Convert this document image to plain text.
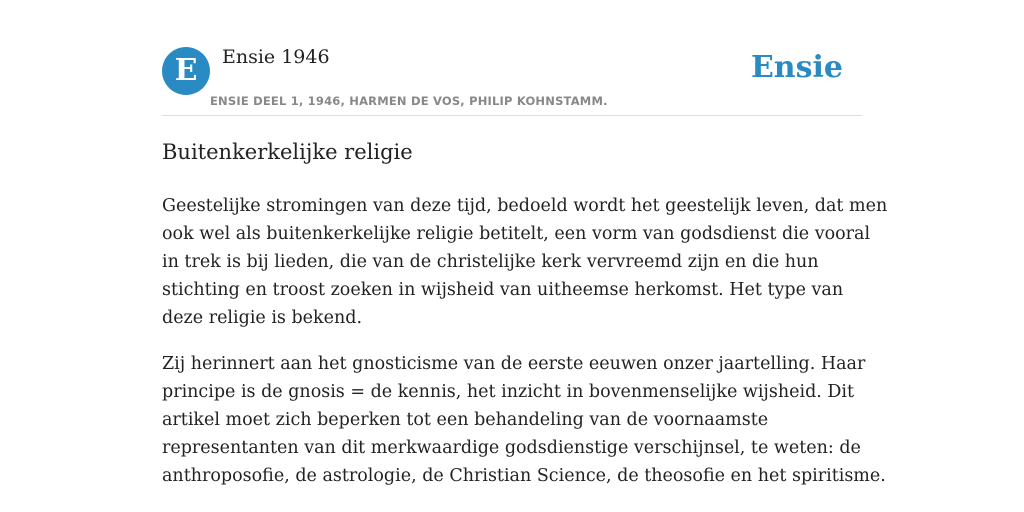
E	Ensie 1946
ENSIE DEEL 1, 1946, HARMEN DE VOS, PHILIP KOHNSTAMM.
Ensie
Buitenkerkelijke religie

Geestelijke stromingen van deze tijd, bedoeld wordt het geestelijk leven, dat men
ook wel als buitenkerkelijke religie betitelt, een vorm van godsdienst die vooral
in trek is bij lieden, die van de christelijke kerk vervreemd zijn en die hun
stichting en troost zoeken in wijsheid van uitheemse herkomst. Het type van
deze religie is bekend.

Zij herinnert aan het gnosticisme van de eerste eeuwen onzer jaartelling. Haar
principe is de gnosis = de kennis, het inzicht in bovenmenselijke wijsheid. Dit
artikel moet zich beperken tot een behandeling van de voornaamste
representanten van dit merkwaardige godsdienstige verschijnsel, te weten: de
anthroposofie, de astrologie, de Christian Science, de theosofie en het spiritisme.
